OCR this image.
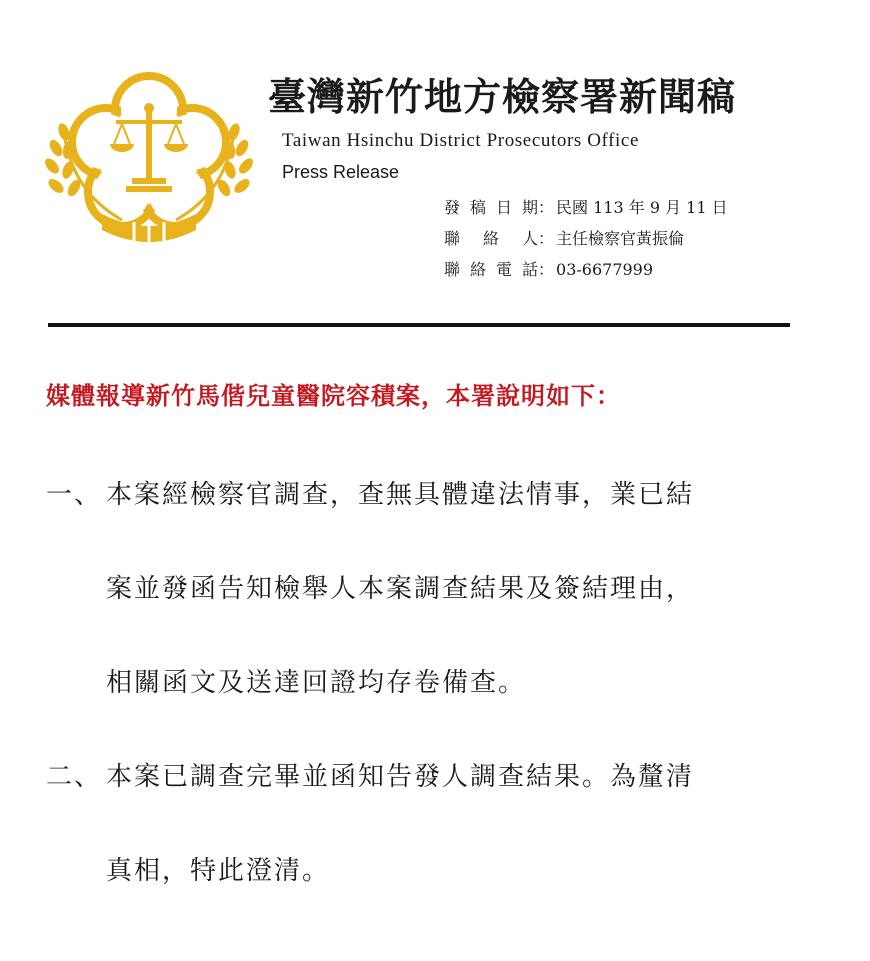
臺灣新竹地方檢察署新聞稿
Taiwan Hsinchu District Prosecutors Office
Press Release
發稿日期 ： 民國 113 年 9 月 11 日
聯絡人 ： 主任檢察官黃振倫
聯絡電話 ： 03-6677999
媒體報導新竹馬偕兒童醫院容積案，本署說明如下：
一、 本案經檢察官調查，查無具體違法情事，業已結
案並發函告知檢舉人本案調查結果及簽結理由，
相關函文及送達回證均存卷備查。
二、 本案已調查完畢並函知告發人調查結果。為釐清
真相，特此澄清。
